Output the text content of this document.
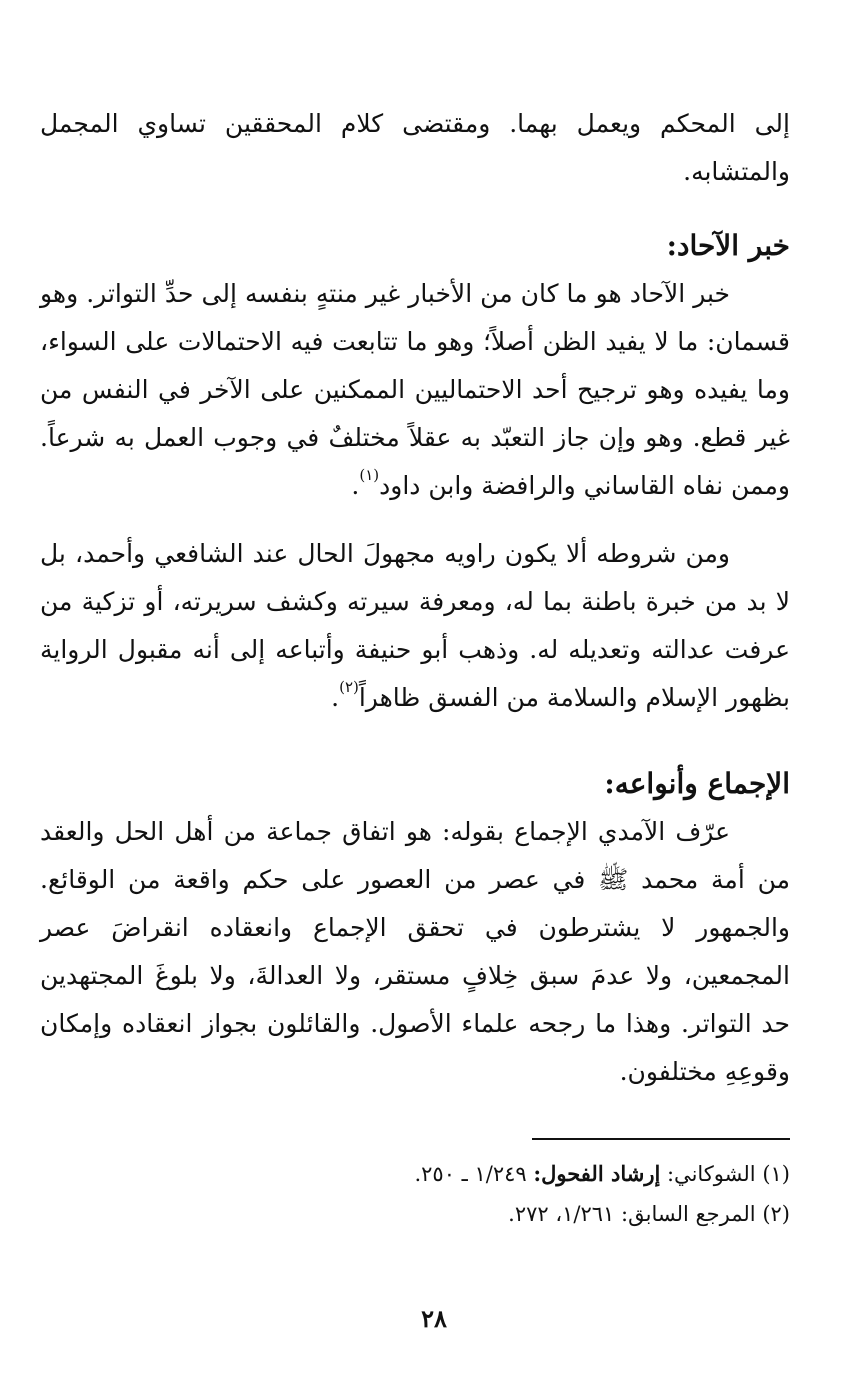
إلى المحكم ويعمل بهما. ومقتضى كلام المحققين تساوي المجمل والمتشابه.

خبر الآحاد:

خبر الآحاد هو ما كان من الأخبار غير منتهٍ بنفسه إلى حدِّ التواتر. وهو قسمان: ما لا يفيد الظن أصلاً؛ وهو ما تتابعت فيه الاحتمالات على السواء، وما يفيده وهو ترجيح أحد الاحتماليين الممكنين على الآخر في النفس من غير قطع. وهو وإن جاز التعبّد به عقلاً مختلفٌ في وجوب العمل به شرعاً. وممن نفاه القاساني والرافضة وابن داود$^{(١)}$.

ومن شروطه ألا يكون راويه مجهولَ الحال عند الشافعي وأحمد، بل لا بد من خبرة باطنة بما له، ومعرفة سيرته وكشف سريرته، أو تزكية من عرفت عدالته وتعديله له. وذهب أبو حنيفة وأتباعه إلى أنه مقبول الرواية بظهور الإسلام والسلامة من الفسق ظاهراً$^{(٢)}$.

الإجماع وأنواعه:

عرّف الآمدي الإجماع بقوله: هو اتفاق جماعة من أهل الحل والعقد من أمة محمد ﷺ في عصر من العصور على حكم واقعة من الوقائع. والجمهور لا يشترطون في تحقق الإجماع وانعقاده انقراضَ عصر المجمعين، ولا عدمَ سبق خِلافٍ مستقر، ولا العدالةَ، ولا بلوغَ المجتهدين حد التواتر. وهذا ما رجحه علماء الأصول. والقائلون بجواز انعقاده وإمكان وقوعِهِ مختلفون.

(١) الشوكاني: إرشاد الفحول: ١/٢٤٩ ـ ٢٥٠.

(٢) المرجع السابق: ١/٢٦١، ٢٧٢.

٢٨
